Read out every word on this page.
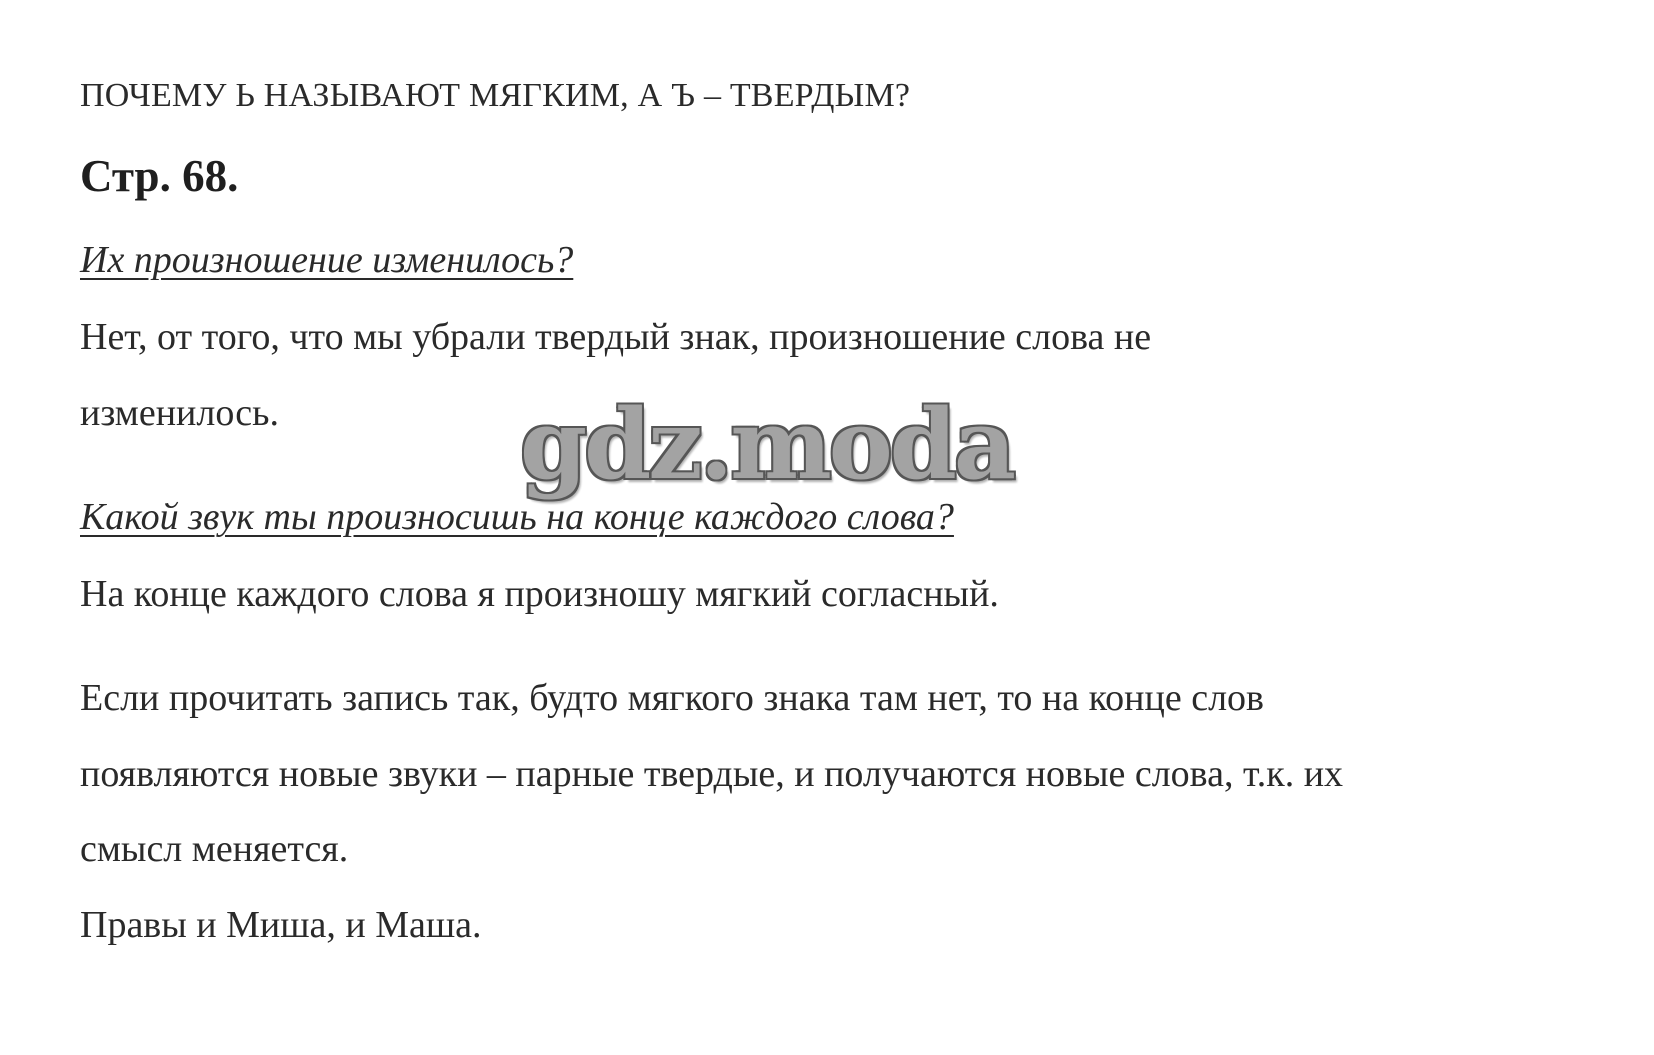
ПОЧЕМУ Ь НАЗЫВАЮТ МЯГКИМ, А Ъ – ТВЕРДЫМ?

Стр. 68.

Их произношение изменилось?

Нет, от того, что мы убрали твердый знак, произношение слова не

изменилось.	gdz.moda

Какой звук ты произносишь на конце каждого слова?

На конце каждого слова я произношу мягкий согласный.

Если прочитать запись так, будто мягкого знака там нет, то на конце слов

появляются новые звуки – парные твердые, и получаются новые слова, т.к. их

смысл меняется.

Правы и Миша, и Маша.
